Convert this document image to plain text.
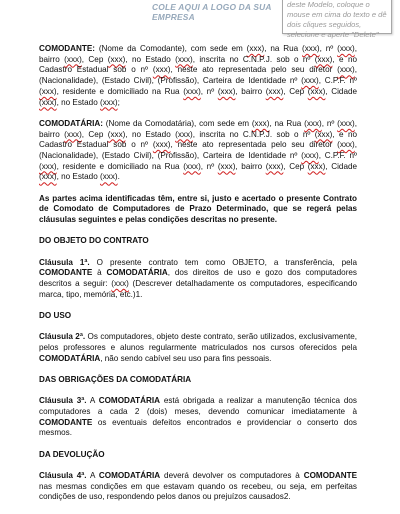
COLE AQUI A LOGO DA SUA EMPRESA
deste Modelo, coloque o mouse em cima do texto e dê dois cliques seguidos, selecione e aperte "Delete"

COMODANTE: (Nome da Comodante), com sede em (xxx), na Rua (xxx), nº (xxx), bairro (xxx), Cep (xxx), no Estado (xxx), inscrita no C.N.P.J. sob o nº (xxx), e no Cadastro Estadual sob o nº (xxx), neste ato representada pelo seu diretor (xxx), (Nacionalidade), (Estado Civil), (Profissão), Carteira de Identidade nº (xxx), C.P.F. nº (xxx), residente e domiciliado na Rua (xxx), nº (xxx), bairro (xxx), Cep (xxx), Cidade (xxx), no Estado (xxx);

COMODATÁRIA: (Nome da Comodatária), com sede em (xxx), na Rua (xxx), nº (xxx), bairro (xxx), Cep (xxx), no Estado (xxx), inscrita no C.N.P.J. sob o nº (xxx), e no Cadastro Estadual sob o nº (xxx), neste ato representada pelo seu diretor (xxx), (Nacionalidade), (Estado Civil), (Profissão), Carteira de Identidade nº (xxx), C.P.F. nº (xxx), residente e domiciliado na Rua (xxx), nº (xxx), bairro (xxx), Cep (xxx), Cidade (xxx), no Estado (xxx).

As partes acima identificadas têm, entre si, justo e acertado o presente Contrato de Comodato de Computadores de Prazo Determinado, que se regerá pelas cláusulas seguintes e pelas condições descritas no presente.

DO OBJETO DO CONTRATO

Cláusula 1ª. O presente contrato tem como OBJETO, a transferência, pela COMODANTE à COMODATÁRIA, dos direitos de uso e gozo dos computadores descritos a seguir: (xxx) (Descrever detalhadamente os computadores, especificando marca, tipo, memória, etc.)1.

DO USO

Cláusula 2ª. Os computadores, objeto deste contrato, serão utilizados, exclusivamente, pelos professores e alunos regularmente matriculados nos cursos oferecidos pela COMODATÁRIA, não sendo cabível seu uso para fins pessoais.

DAS OBRIGAÇÕES DA COMODATÁRIA

Cláusula 3ª. A COMODATÁRIA está obrigada a realizar a manutenção técnica dos computadores a cada 2 (dois) meses, devendo comunicar imediatamente à COMODANTE os eventuais defeitos encontrados e providenciar o conserto dos mesmos.

DA DEVOLUÇÃO

Cláusula 4ª. A COMODATÁRIA deverá devolver os computadores à COMODANTE nas mesmas condições em que estavam quando os recebeu, ou seja, em perfeitas condições de uso, respondendo pelos danos ou prejuízos causados2.
